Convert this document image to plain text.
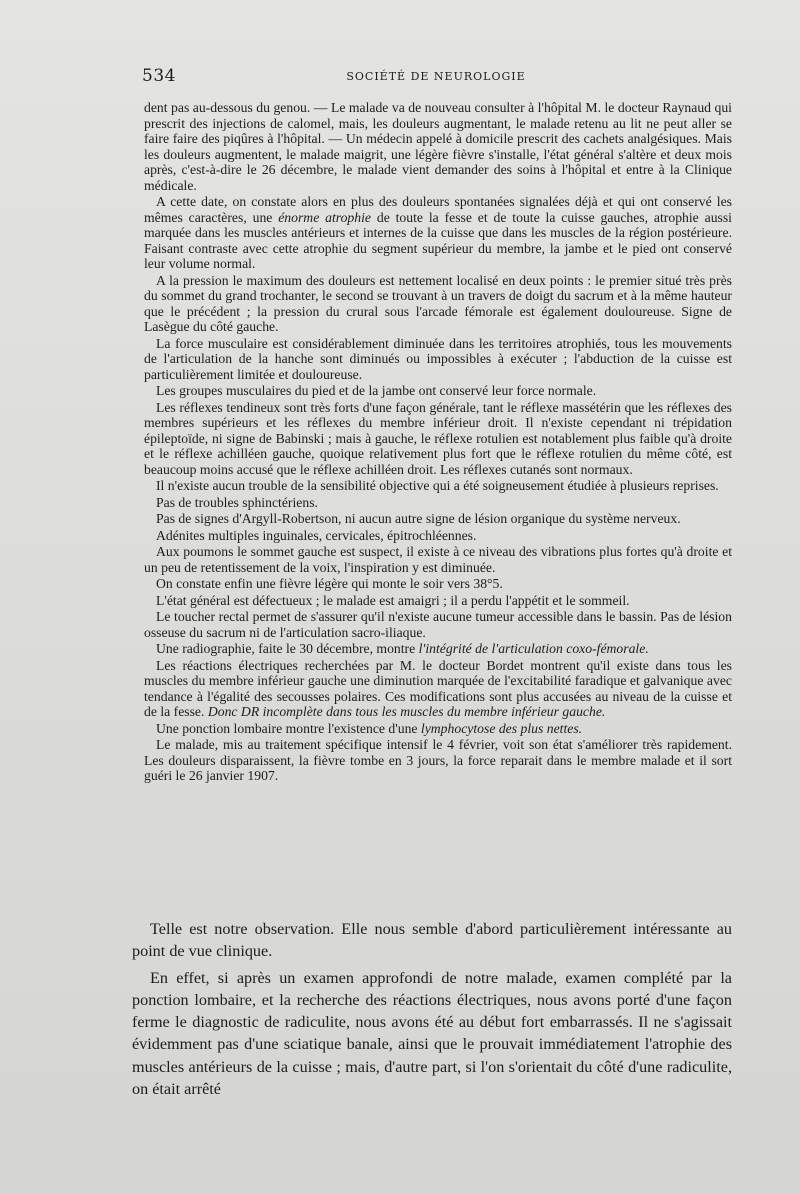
534	SOCIÉTÉ DE NEUROLOGIE

dent pas au-dessous du genou. — Le malade va de nouveau consulter à l'hôpital M. le docteur Raynaud qui prescrit des injections de calomel, mais, les douleurs augmentant, le malade retenu au lit ne peut aller se faire faire des piqûres à l'hôpital. — Un médecin appelé à domicile prescrit des cachets analgésiques. Mais les douleurs augmentent, le malade maigrit, une légère fièvre s'installe, l'état général s'altère et deux mois après, c'est-à-dire le 26 décembre, le malade vient demander des soins à l'hôpital et entre à la Clinique médicale.

A cette date, on constate alors en plus des douleurs spontanées signalées déjà et qui ont conservé les mêmes caractères, une énorme atrophie de toute la fesse et de toute la cuisse gauches, atrophie aussi marquée dans les muscles antérieurs et internes de la cuisse que dans les muscles de la région postérieure. Faisant contraste avec cette atrophie du segment supérieur du membre, la jambe et le pied ont conservé leur volume normal.

A la pression le maximum des douleurs est nettement localisé en deux points : le premier situé très près du sommet du grand trochanter, le second se trouvant à un travers de doigt du sacrum et à la même hauteur que le précédent ; la pression du crural sous l'arcade fémorale est également douloureuse. Signe de Lasègue du côté gauche.

La force musculaire est considérablement diminuée dans les territoires atrophiés, tous les mouvements de l'articulation de la hanche sont diminués ou impossibles à exécuter ; l'abduction de la cuisse est particulièrement limitée et douloureuse.

Les groupes musculaires du pied et de la jambe ont conservé leur force normale.

Les réflexes tendineux sont très forts d'une façon générale, tant le réflexe massétérin que les réflexes des membres supérieurs et les réflexes du membre inférieur droit. Il n'existe cependant ni trépidation épileptoïde, ni signe de Babinski ; mais à gauche, le réflexe rotulien est notablement plus faible qu'à droite et le réflexe achilléen gauche, quoique relativement plus fort que le réflexe rotulien du même côté, est beaucoup moins accusé que le réflexe achilléen droit. Les réflexes cutanés sont normaux.

Il n'existe aucun trouble de la sensibilité objective qui a été soigneusement étudiée à plusieurs reprises.

Pas de troubles sphinctériens.

Pas de signes d'Argyll-Robertson, ni aucun autre signe de lésion organique du système nerveux.

Adénites multiples inguinales, cervicales, épitrochléennes.

Aux poumons le sommet gauche est suspect, il existe à ce niveau des vibrations plus fortes qu'à droite et un peu de retentissement de la voix, l'inspiration y est diminuée.

On constate enfin une fièvre légère qui monte le soir vers 38°5.

L'état général est défectueux ; le malade est amaigri ; il a perdu l'appétit et le sommeil.

Le toucher rectal permet de s'assurer qu'il n'existe aucune tumeur accessible dans le bassin. Pas de lésion osseuse du sacrum ni de l'articulation sacro-iliaque.

Une radiographie, faite le 30 décembre, montre l'intégrité de l'articulation coxo-fémorale.

Les réactions électriques recherchées par M. le docteur Bordet montrent qu'il existe dans tous les muscles du membre inférieur gauche une diminution marquée de l'excitabilité faradique et galvanique avec tendance à l'égalité des secousses polaires. Ces modifications sont plus accusées au niveau de la cuisse et de la fesse. Donc DR incomplète dans tous les muscles du membre inférieur gauche.

Une ponction lombaire montre l'existence d'une lymphocytose des plus nettes.

Le malade, mis au traitement spécifique intensif le 4 février, voit son état s'améliorer très rapidement. Les douleurs disparaissent, la fièvre tombe en 3 jours, la force reparait dans le membre malade et il sort guéri le 26 janvier 1907.

Telle est notre observation. Elle nous semble d'abord particulièrement intéressante au point de vue clinique.

En effet, si après un examen approfondi de notre malade, examen complété par la ponction lombaire, et la recherche des réactions électriques, nous avons porté d'une façon ferme le diagnostic de radiculite, nous avons été au début fort embarrassés. Il ne s'agissait évidemment pas d'une sciatique banale, ainsi que le prouvait immédiatement l'atrophie des muscles antérieurs de la cuisse ; mais, d'autre part, si l'on s'orientait du côté d'une radiculite, on était arrêté
